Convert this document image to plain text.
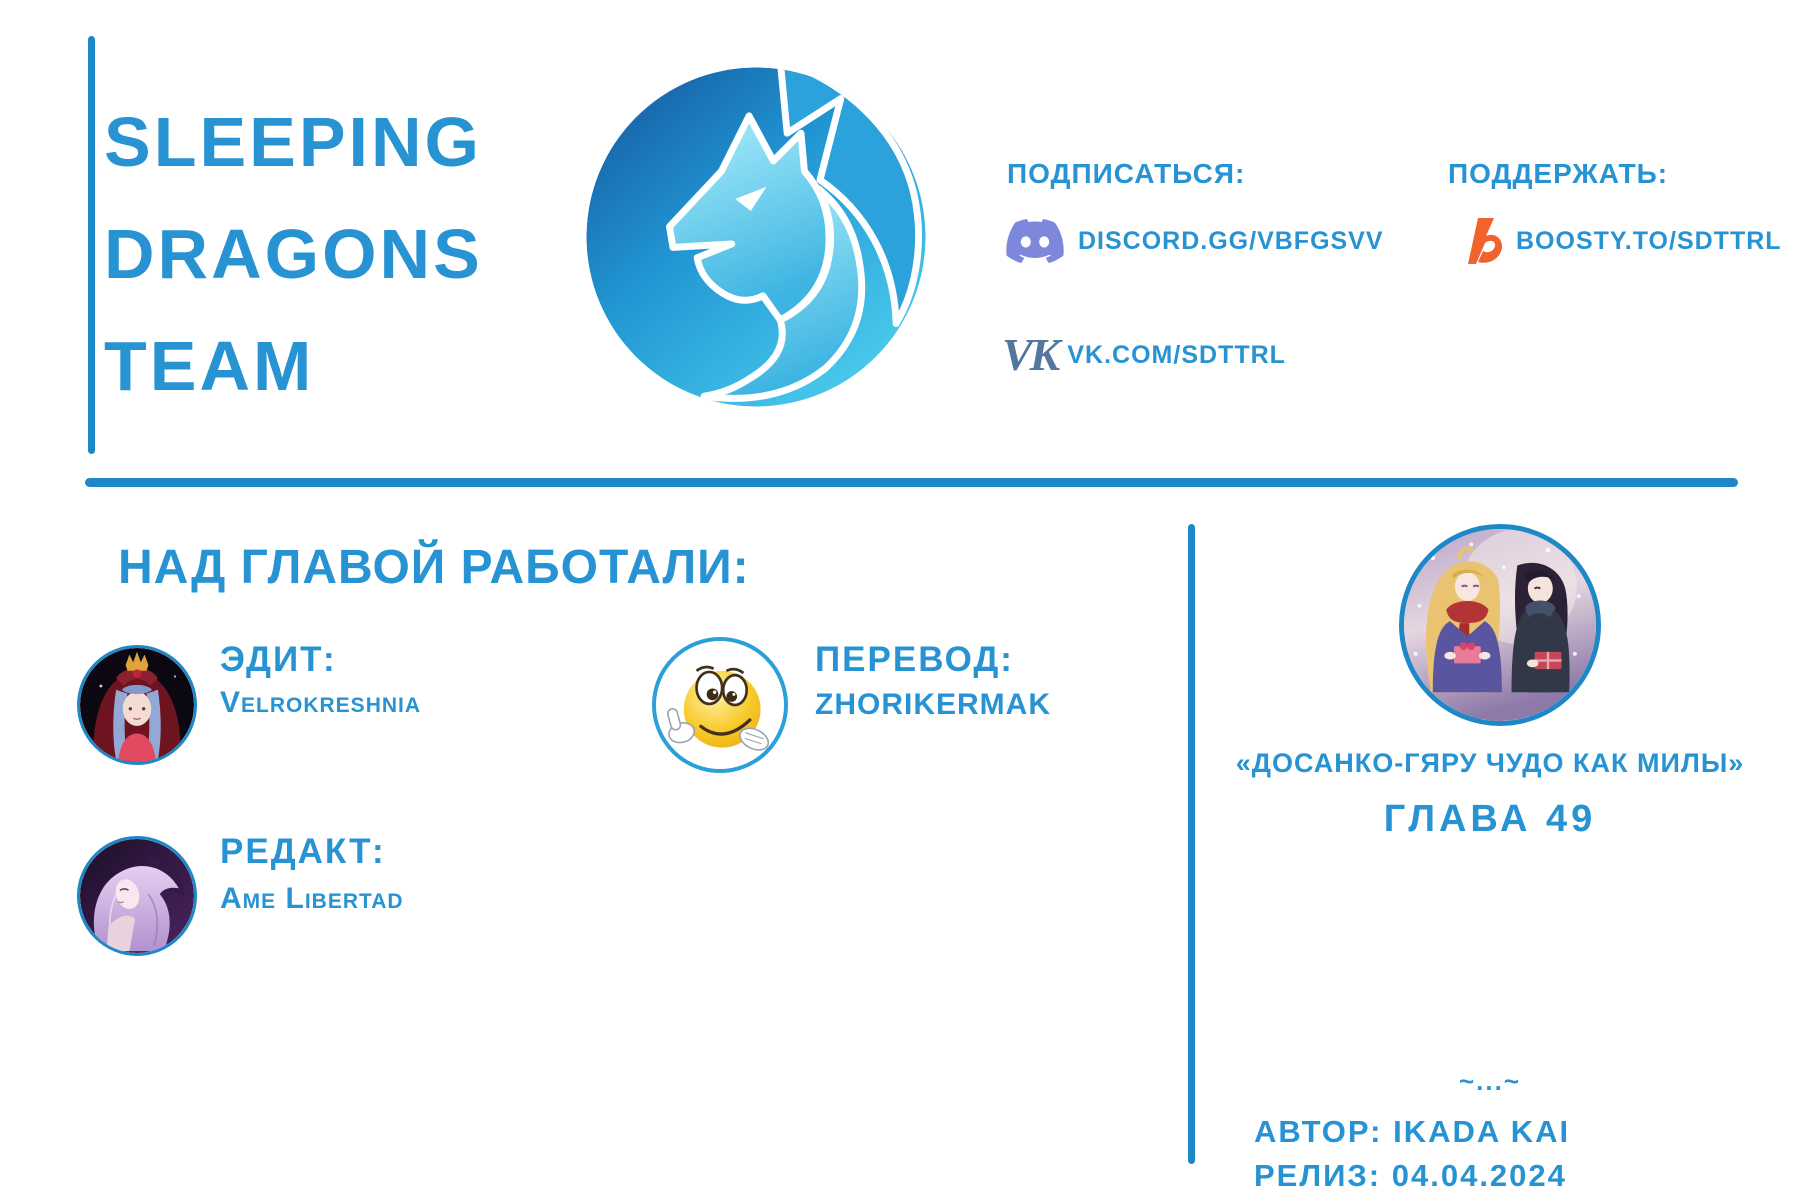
SLEEPING
DRAGONS
TEAM
ПОДПИСАТЬСЯ:
DISCORD.GG/VBFGSVV
VK VK.COM/SDTTRL
ПОДДЕРЖАТЬ:
BOOSTY.TO/SDTTRL
НАД ГЛАВОЙ РАБОТАЛИ:
ЭДИТ:
Velrokreshnia
ПЕРЕВОД:
ZHORIKERMAK
РЕДАКТ:
Ame Libertad
«ДОСАНКО-ГЯРУ ЧУДО КАК МИЛЫ»
ГЛАВА 49
~...~
АВТОР: IKADA KAI
РЕЛИЗ: 04.04.2024
